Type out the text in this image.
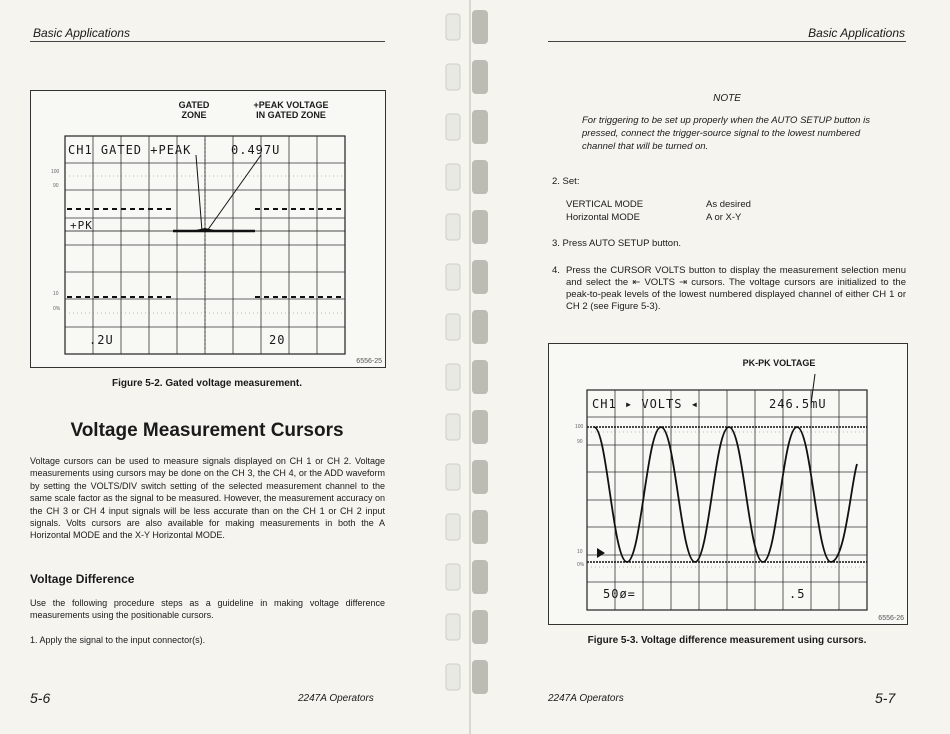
Basic Applications
GATED
ZONE
+PEAK VOLTAGE
IN GATED ZONE
CH1 GATED +PEAK	0.497U
+PK
.2U	20
100
90
10
0%
6556-25
Figure 5-2. Gated voltage measurement.
Voltage Measurement Cursors
Voltage cursors can be used to measure signals displayed on CH 1 or CH 2. Voltage measurements using cursors may be done on the CH 3, the CH 4, or the ADD waveform by setting the VOLTS/DIV switch setting of the selected measurement channel to the same scale factor as the signal to be measured. However, the measurement accuracy on the CH 3 or CH 4 input signals will be less accurate than on the CH 1 or CH 2 input signals. Volts cursors are also available for making measurements in both the A Horizontal MODE and the X-Y Horizontal MODE.
Voltage Difference
Use the following procedure steps as a guideline in making voltage difference measurements using the positionable cursors.
1. Apply the signal to the input connector(s).
5-6	2247A Operators
Basic Applications
NOTE
For triggering to be set up properly when the AUTO SETUP button is pressed, connect the trigger-source signal to the lowest numbered channel that will be turned on.
2. Set:
VERTICAL MODE	As desired
Horizontal MODE	A or X-Y
3. Press AUTO SETUP button.
4. Press the CURSOR VOLTS button to display the measurement selection menu and select the ⇤ VOLTS ⇥ cursors. The voltage cursors are initialized to the peak-to-peak levels of the lowest numbered displayed channel of either CH 1 or CH 2 (see Figure 5-3).
PK-PK VOLTAGE
CH1 ▸ VOLTS ◂	246.5mU
50ø=	.5
100
90
10
0%
6556-26
Figure 5-3. Voltage difference measurement using cursors.
2247A Operators	5-7
